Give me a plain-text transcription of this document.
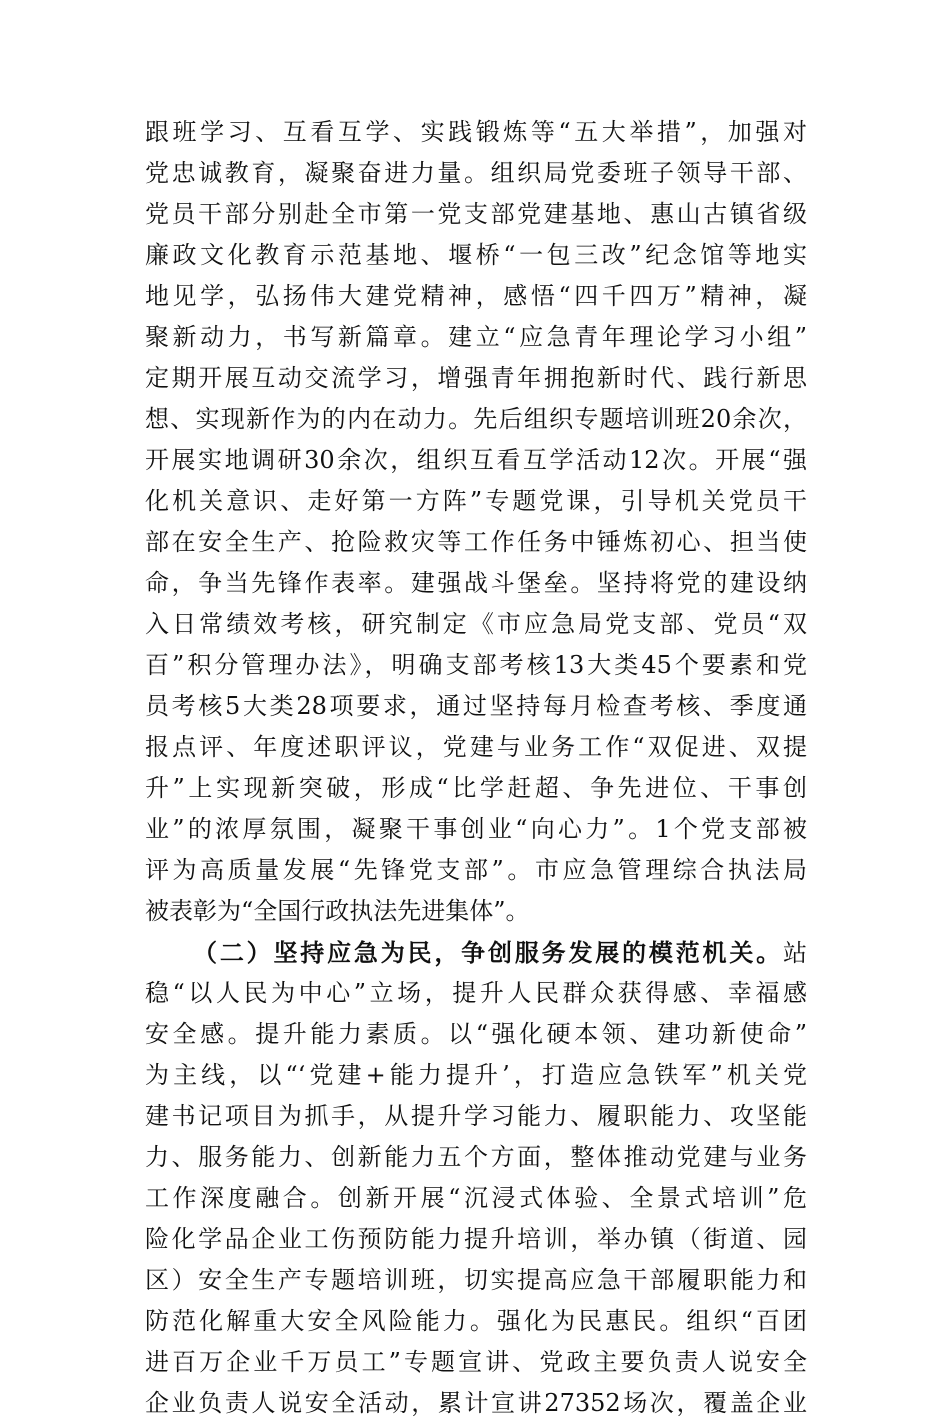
跟班学习、互看互学、实践锻炼等“五大举措”，加强对
党忠诚教育，凝聚奋进力量。组织局党委班子领导干部、
党员干部分别赴全市第一党支部党建基地、惠山古镇省级
廉政文化教育示范基地、堰桥“一包三改”纪念馆等地实
地见学，弘扬伟大建党精神，感悟“四千四万”精神，凝
聚新动力，书写新篇章。建立“应急青年理论学习小组”
定期开展互动交流学习，增强青年拥抱新时代、践行新思
想、实现新作为的内在动力。先后组织专题培训班20余次，
开展实地调研30余次，组织互看互学活动12次。开展“强
化机关意识、走好第一方阵”专题党课，引导机关党员干
部在安全生产、抢险救灾等工作任务中锤炼初心、担当使
命，争当先锋作表率。建强战斗堡垒。坚持将党的建设纳
入日常绩效考核，研究制定《市应急局党支部、党员“双
百”积分管理办法》，明确支部考核13大类45个要素和党
员考核5大类28项要求，通过坚持每月检查考核、季度通
报点评、年度述职评议，党建与业务工作“双促进、双提
升”上实现新突破，形成“比学赶超、争先进位、干事创
业”的浓厚氛围，凝聚干事创业“向心力”。1个党支部被
评为高质量发展“先锋党支部”。市应急管理综合执法局
被表彰为“全国行政执法先进集体”。
（二）坚持应急为民，争创服务发展的模范机关。站
稳“以人民为中心”立场，提升人民群众获得感、幸福感
安全感。提升能力素质。以“强化硬本领、建功新使命”
为主线，以“‘党建+能力提升’，打造应急铁军”机关党
建书记项目为抓手，从提升学习能力、履职能力、攻坚能
力、服务能力、创新能力五个方面，整体推动党建与业务
工作深度融合。创新开展“沉浸式体验、全景式培训”危
险化学品企业工伤预防能力提升培训，举办镇（街道、园
区）安全生产专题培训班，切实提高应急干部履职能力和
防范化解重大安全风险能力。强化为民惠民。组织“百团
进百万企业千万员工”专题宣讲、党政主要负责人说安全
企业负责人说安全活动，累计宣讲27352场次，覆盖企业
